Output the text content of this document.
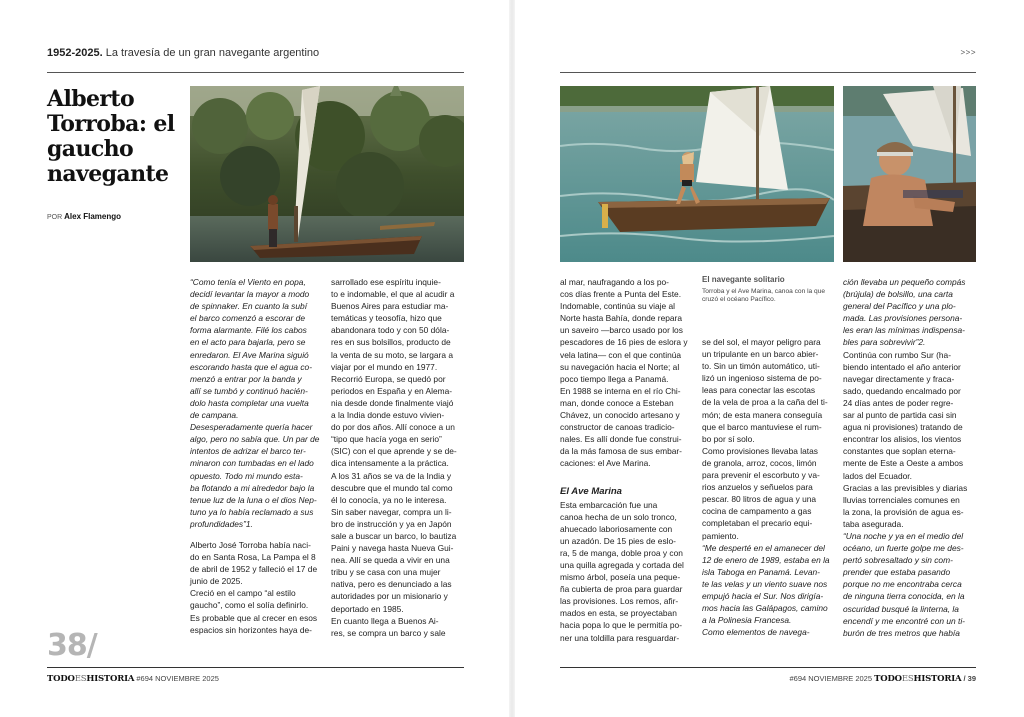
1952-2025. La travesía de un gran navegante argentino
Alberto Torroba: el gaucho navegante
POR Alex Flamengo

“Como tenía el Viento en popa,

decidí levantar la mayor a modo

de spinnaker. En cuanto la subí

el barco comenzó a escorar de

forma alarmante. Filé los cabos

en el acto para bajarla, pero se

enredaron. El Ave Marina siguió

escorando hasta que el agua co-

menzó a entrar por la banda y

allí se tumbó y continuó hacién-

dolo hasta completar una vuelta

de campana.

Desesperadamente quería hacer

algo, pero no sabía que. Un par de

intentos de adrizar el barco ter-

minaron con tumbadas en el lado

opuesto. Todo mi mundo esta-

ba flotando a mi alrededor bajo la

tenue luz de la luna o el dios Nep-

tuno ya lo había reclamado a sus

profundidades”1.

Alberto José Torroba había naci-

do en Santa Rosa, La Pampa el 8

de abril de 1952 y falleció el 17 de

junio de 2025.

Creció en el campo “al estilo

gaucho”, como el solía definirlo.

Es probable que al crecer en esos

espacios sin horizontes haya de-

sarrollado ese espíritu inquie-

to e indomable, el que al acudir a

Buenos Aires para estudiar ma-

temáticas y teosofía, hizo que

abandonara todo y con 50 dóla-

res en sus bolsillos, producto de

la venta de su moto, se largara a

viajar por el mundo en 1977.

Recorrió Europa, se quedó por

periodos en España y en Alema-

nia desde donde finalmente viajó

a la India donde estuvo vivien-

do por dos años. Allí conoce a un

“tipo que hacía yoga en serio”

(SIC) con el que aprende y se de-

dica intensamente a la práctica.

A los 31 años se va de la India y

descubre que el mundo tal como

él lo conocía, ya no le interesa.

Sin saber navegar, compra un li-

bro de instrucción y ya en Japón

sale a buscar un barco, lo bautiza

Paini y navega hasta Nueva Gui-

nea. Allí se queda a vivir en una

tribu y se casa con una mujer

nativa, pero es denunciado a las

autoridades por un misionario y

deportado en 1985.

En cuanto llega a Buenos Ai-

res, se compra un barco y sale

38/
TODOESHISTORIA #694 NOVIEMBRE 2025
>>>

al mar, naufragando a los po-

cos días frente a Punta del Este.

Indomable, continúa su viaje al

Norte hasta Bahía, donde repara

un saveiro —barco usado por los

pescadores de 16 pies de eslora y

vela latina— con el que continúa

su navegación hacia el Norte; al

poco tiempo llega a Panamá.

En 1988 se interna en el río Chi-

man, donde conoce a Esteban

Chávez, un conocido artesano y

constructor de canoas tradicio-

nales. Es allí donde fue construi-

da la más famosa de sus embar-

caciones: el Ave Marina.

El Ave Marina

Esta embarcación fue una

canoa hecha de un solo tronco,

ahuecado laboriosamente con

un azadón. De 15 pies de eslo-

ra, 5 de manga, doble proa y con

una quilla agregada y cortada del

mismo árbol, poseía una peque-

ña cubierta de proa para guardar

las provisiones. Los remos, afir-

mados en esta, se proyectaban

hacia popa lo que le permitía po-

ner una toldilla para resguardar-

El navegante solitario
Torroba y el Ave Marina, canoa con la que cruzó el océano Pacífico.

se del sol, el mayor peligro para

un tripulante en un barco abier-

to. Sin un timón automático, uti-

lizó un ingenioso sistema de po-

leas para conectar las escotas

de la vela de proa a la caña del ti-

món; de esta manera conseguía

que el barco mantuviese el rum-

bo por sí solo.

Como provisiones llevaba latas

de granola, arroz, cocos, limón

para prevenir el escorbuto y va-

rios anzuelos y señuelos para

pescar. 80 litros de agua y una

cocina de campamento a gas

completaban el precario equi-

pamiento.

“Me desperté en el amanecer del

12 de enero de 1989, estaba en la

isla Taboga en Panamá. Levan-

te las velas y un viento suave nos

empujó hacia el Sur. Nos dirigía-

mos hacia las Galápagos, camino

a la Polinesia Francesa.

Como elementos de navega-

ción llevaba un pequeño compás

(brújula) de bolsillo, una carta

general del Pacífico y una plo-

mada. Las provisiones persona-

les eran las mínimas indispensa-

bles para sobrevivir”2.

Continúa con rumbo Sur (ha-

biendo intentado el año anterior

navegar directamente y fraca-

sado, quedando encalmado por

24 días antes de poder regre-

sar al punto de partida casi sin

agua ni provisiones) tratando de

encontrar los alisios, los vientos

constantes que soplan eterna-

mente de Este a Oeste a ambos

lados del Ecuador.

Gracias a las previsibles y diarias

lluvias torrenciales comunes en

la zona, la provisión de agua es-

taba asegurada.

“Una noche y ya en el medio del

océano, un fuerte golpe me des-

pertó sobresaltado y sin com-

prender que estaba pasando

porque no me encontraba cerca

de ninguna tierra conocida, en la

oscuridad busqué la linterna, la

encendí y me encontré con un ti-

burón de tres metros que había

#694 NOVIEMBRE 2025 TODOESHISTORIA / 39
